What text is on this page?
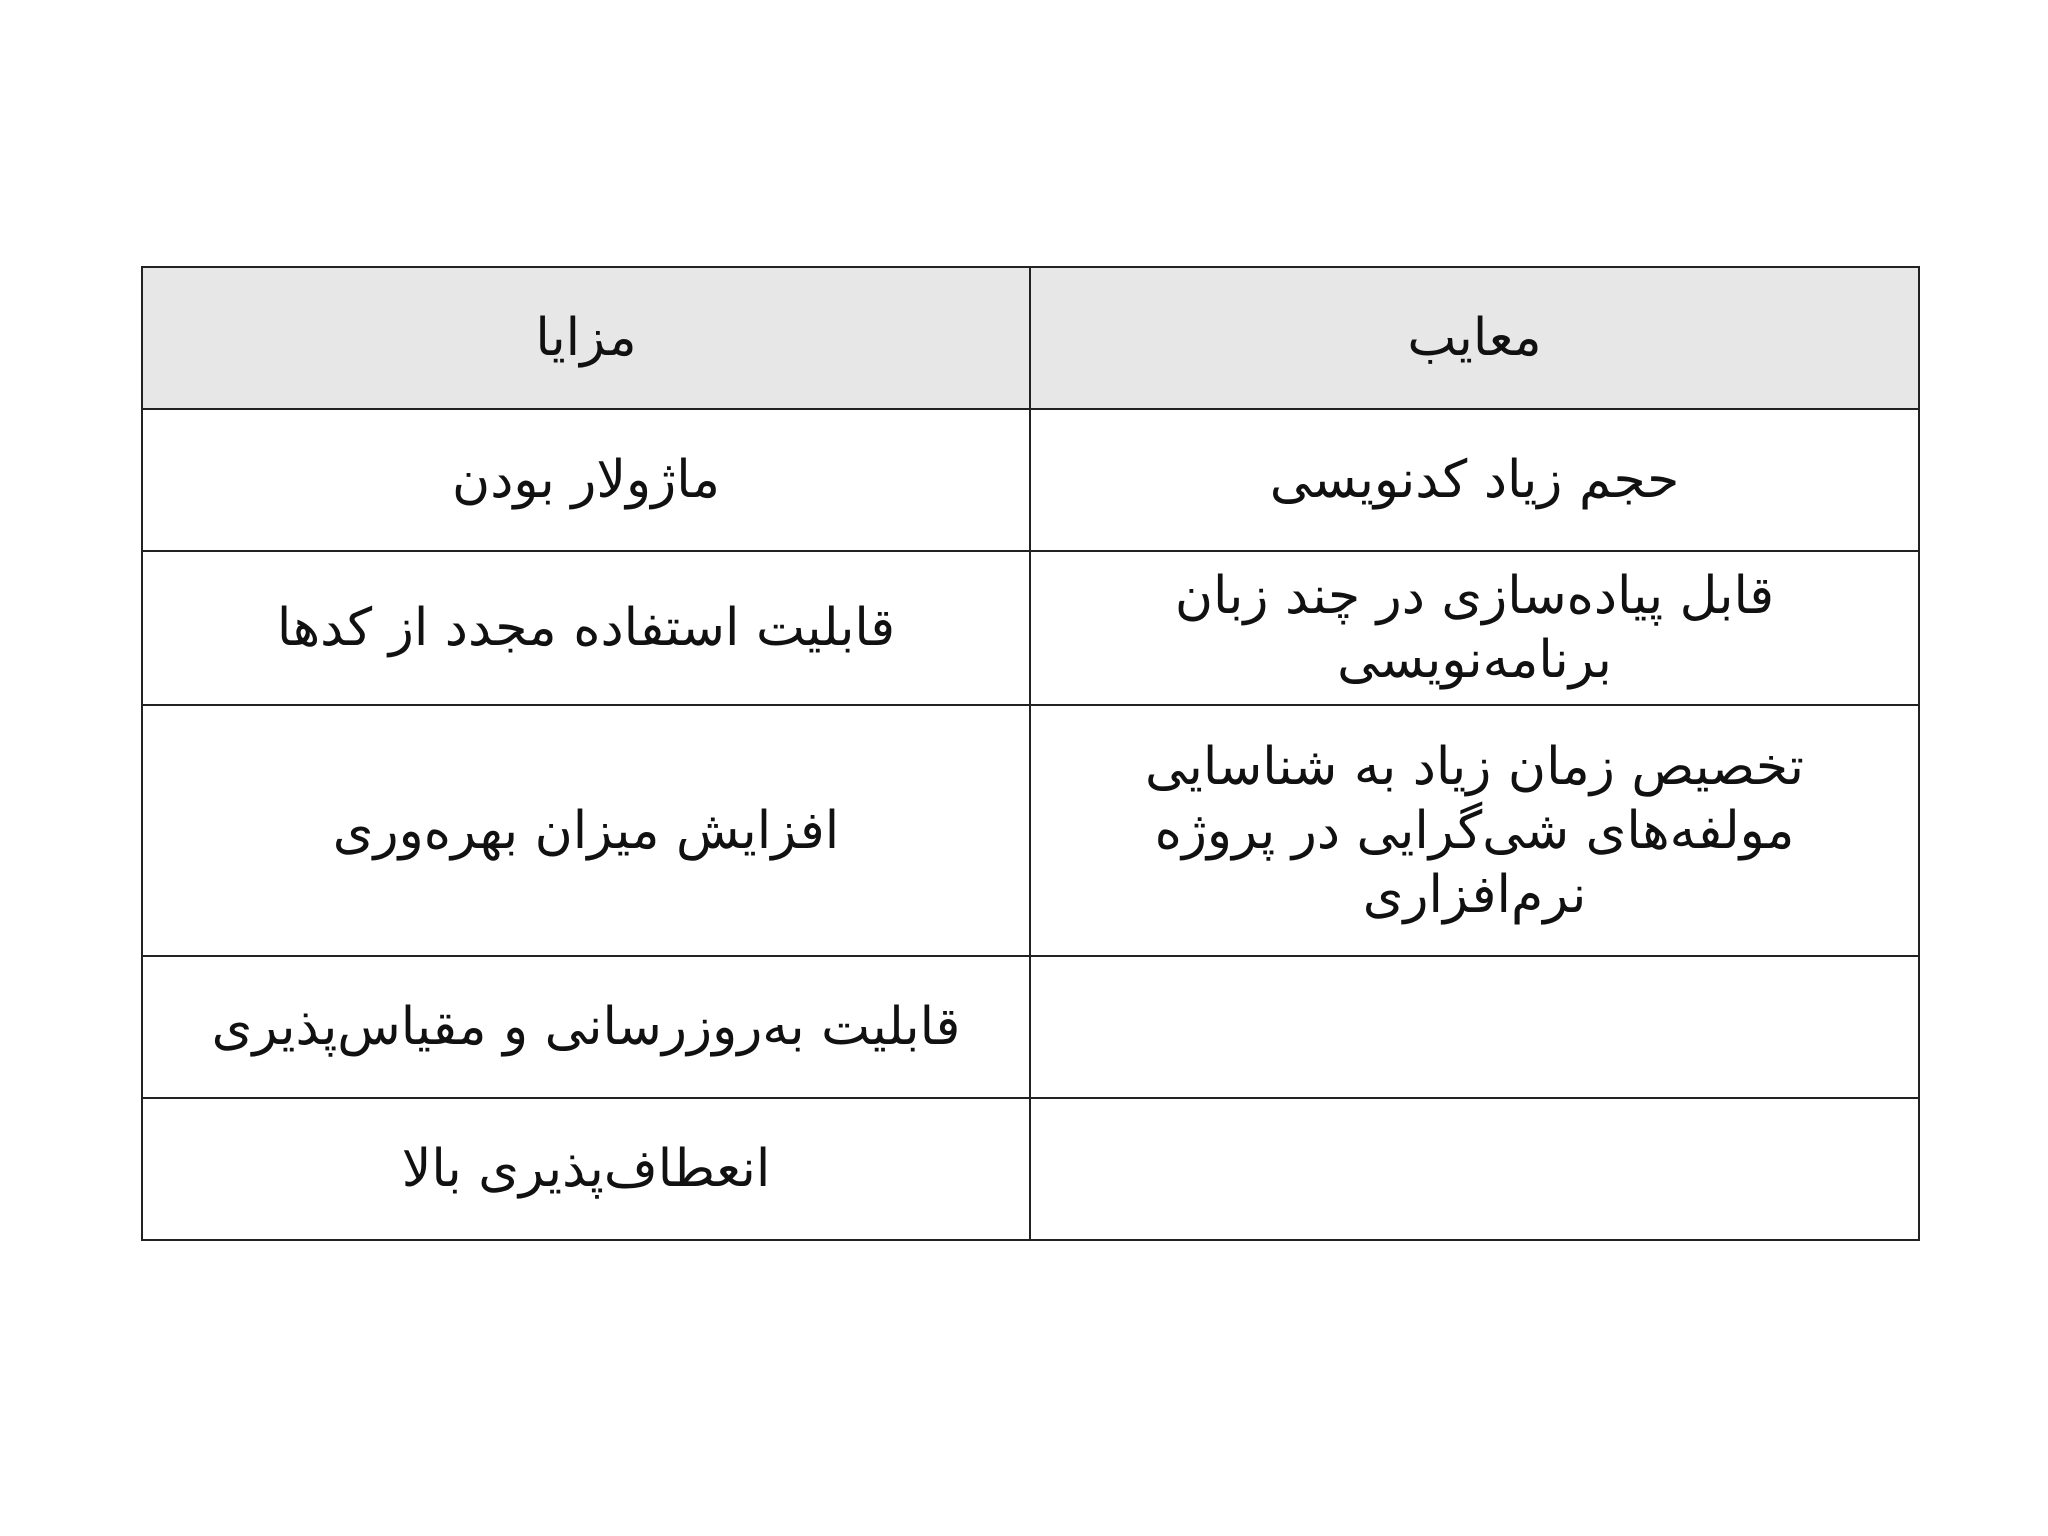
مزایا	معایب
ماژولار بودن	حجم زیاد کدنویسی
قابلیت استفاده مجدد از کدها	قابل پیاده‌سازی در چند زبان برنامه‌نویسی
افزایش میزان بهره‌وری	تخصیص زمان زیاد به شناسایی مولفه‌های شی‌گرایی در پروژه نرم‌افزاری
قابلیت به‌روزرسانی و مقیاس‌پذیری	
انعطاف‌پذیری بالا	
